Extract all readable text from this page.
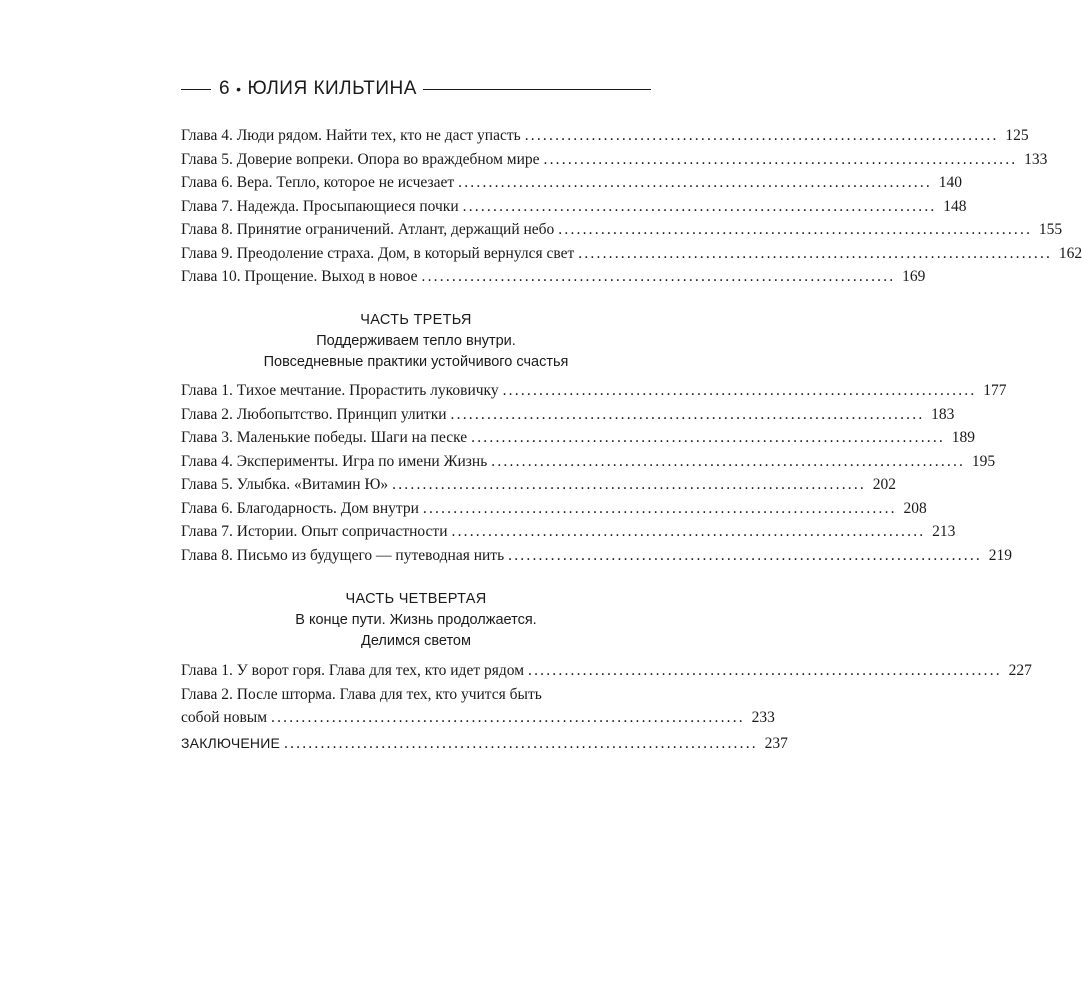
6 • ЮЛИЯ КИЛЬТИНА
Глава 4. Люди рядом. Найти тех, кто не даст упасть .............................................................................. 125
Глава 5. Доверие вопреки. Опора во враждебном мире .............................................................................. 133
Глава 6. Вера. Тепло, которое не исчезает .............................................................................. 140
Глава 7. Надежда. Просыпающиеся почки .............................................................................. 148
Глава 8. Принятие ограничений. Атлант, держащий небо .............................................................................. 155
Глава 9. Преодоление страха. Дом, в который вернулся свет .............................................................................. 162
Глава 10. Прощение. Выход в новое .............................................................................. 169
ЧАСТЬ ТРЕТЬЯ
Поддерживаем тепло внутри.
Повседневные практики устойчивого счастья
Глава 1. Тихое мечтание. Прорастить луковичку .............................................................................. 177
Глава 2. Любопытство. Принцип улитки .............................................................................. 183
Глава 3. Маленькие победы. Шаги на песке .............................................................................. 189
Глава 4. Эксперименты. Игра по имени Жизнь .............................................................................. 195
Глава 5. Улыбка. «Витамин Ю» .............................................................................. 202
Глава 6. Благодарность. Дом внутри .............................................................................. 208
Глава 7. Истории. Опыт сопричастности .............................................................................. 213
Глава 8. Письмо из будущего — путеводная нить .............................................................................. 219
ЧАСТЬ ЧЕТВЕРТАЯ
В конце пути. Жизнь продолжается.
Делимся светом
Глава 1. У ворот горя. Глава для тех, кто идет рядом .............................................................................. 227
Глава 2. После шторма. Глава для тех, кто учится быть
собой новым .............................................................................. 233
ЗАКЛЮЧЕНИЕ .............................................................................. 237
